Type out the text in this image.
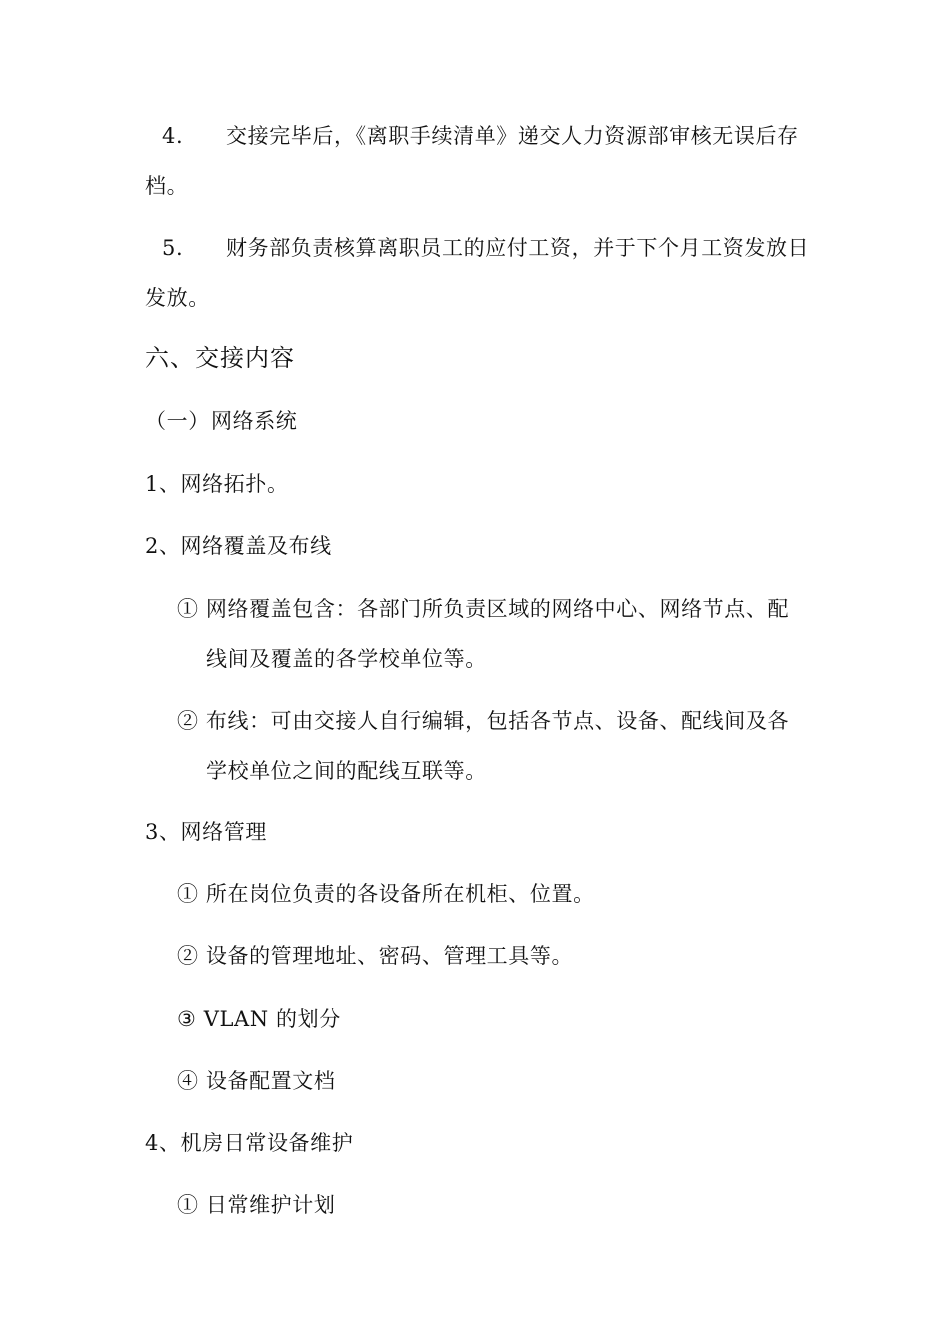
4. 交接完毕后，《离职手续清单》递交人力资源部审核无误后存
档。
5. 财务部负责核算离职员工的应付工资，并于下个月工资发放日
发放。
六、交接内容
（一）网络系统
1、网络拓扑。
2、网络覆盖及布线
① 网络覆盖包含：各部门所负责区域的网络中心、网络节点、配
线间及覆盖的各学校单位等。
② 布线：可由交接人自行编辑，包括各节点、设备、配线间及各
学校单位之间的配线互联等。
3、网络管理
① 所在岗位负责的各设备所在机柜、位置。
② 设备的管理地址、密码、管理工具等。
③ VLAN 的划分
④ 设备配置文档
4、机房日常设备维护
① 日常维护计划
